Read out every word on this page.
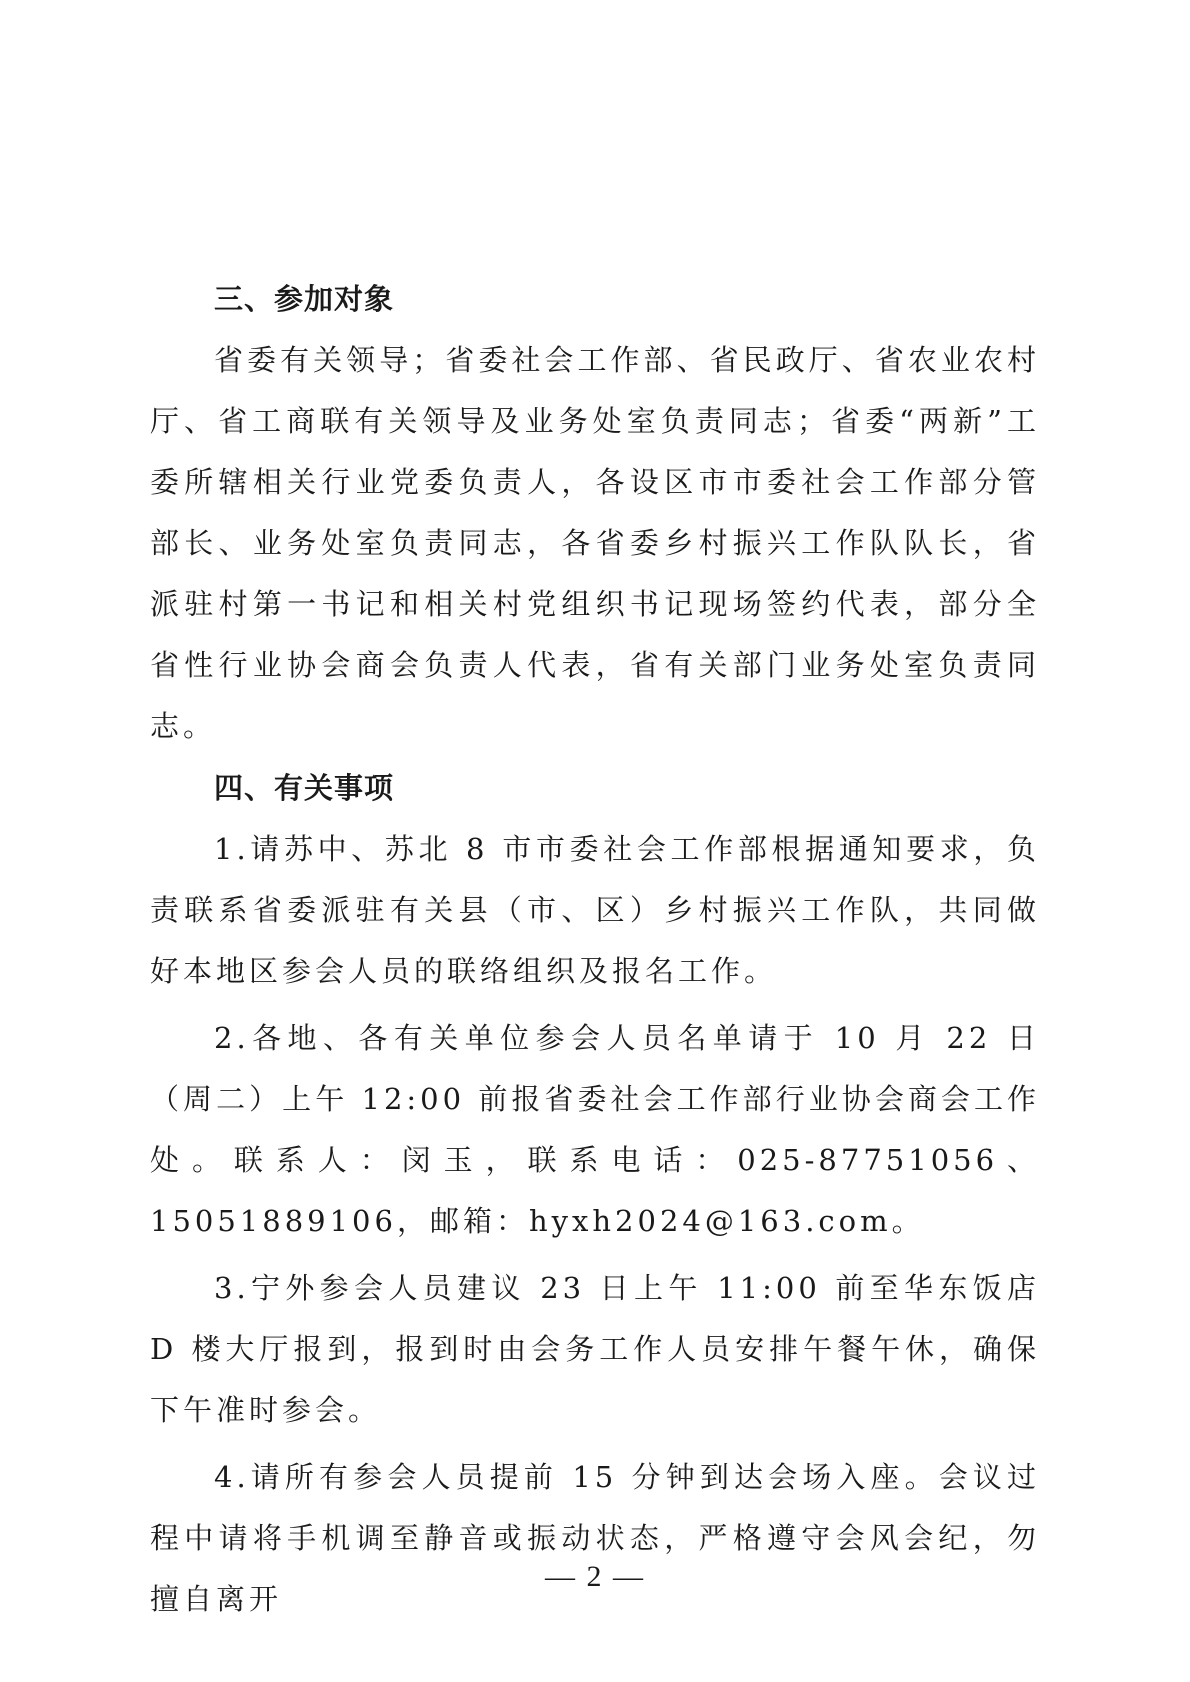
三、参加对象

省委有关领导；省委社会工作部、省民政厅、省农业农村厅、省工商联有关领导及业务处室负责同志；省委“两新”工委所辖相关行业党委负责人，各设区市市委社会工作部分管部长、业务处室负责同志，各省委乡村振兴工作队队长，省派驻村第一书记和相关村党组织书记现场签约代表，部分全省性行业协会商会负责人代表，省有关部门业务处室负责同志。

四、有关事项

1.请苏中、苏北 8 市市委社会工作部根据通知要求，负责联系省委派驻有关县（市、区）乡村振兴工作队，共同做好本地区参会人员的联络组织及报名工作。

2.各地、各有关单位参会人员名单请于 10 月 22 日（周二）上午 12:00 前报省委社会工作部行业协会商会工作处。联系人：闵玉，联系电话：025-87751056、15051889106，邮箱：hyxh2024@163.com。

3.宁外参会人员建议 23 日上午 11:00 前至华东饭店 D 楼大厅报到，报到时由会务工作人员安排午餐午休，确保下午准时参会。

4.请所有参会人员提前 15 分钟到达会场入座。会议过程中请将手机调至静音或振动状态，严格遵守会风会纪，勿擅自离开

— 2 —
